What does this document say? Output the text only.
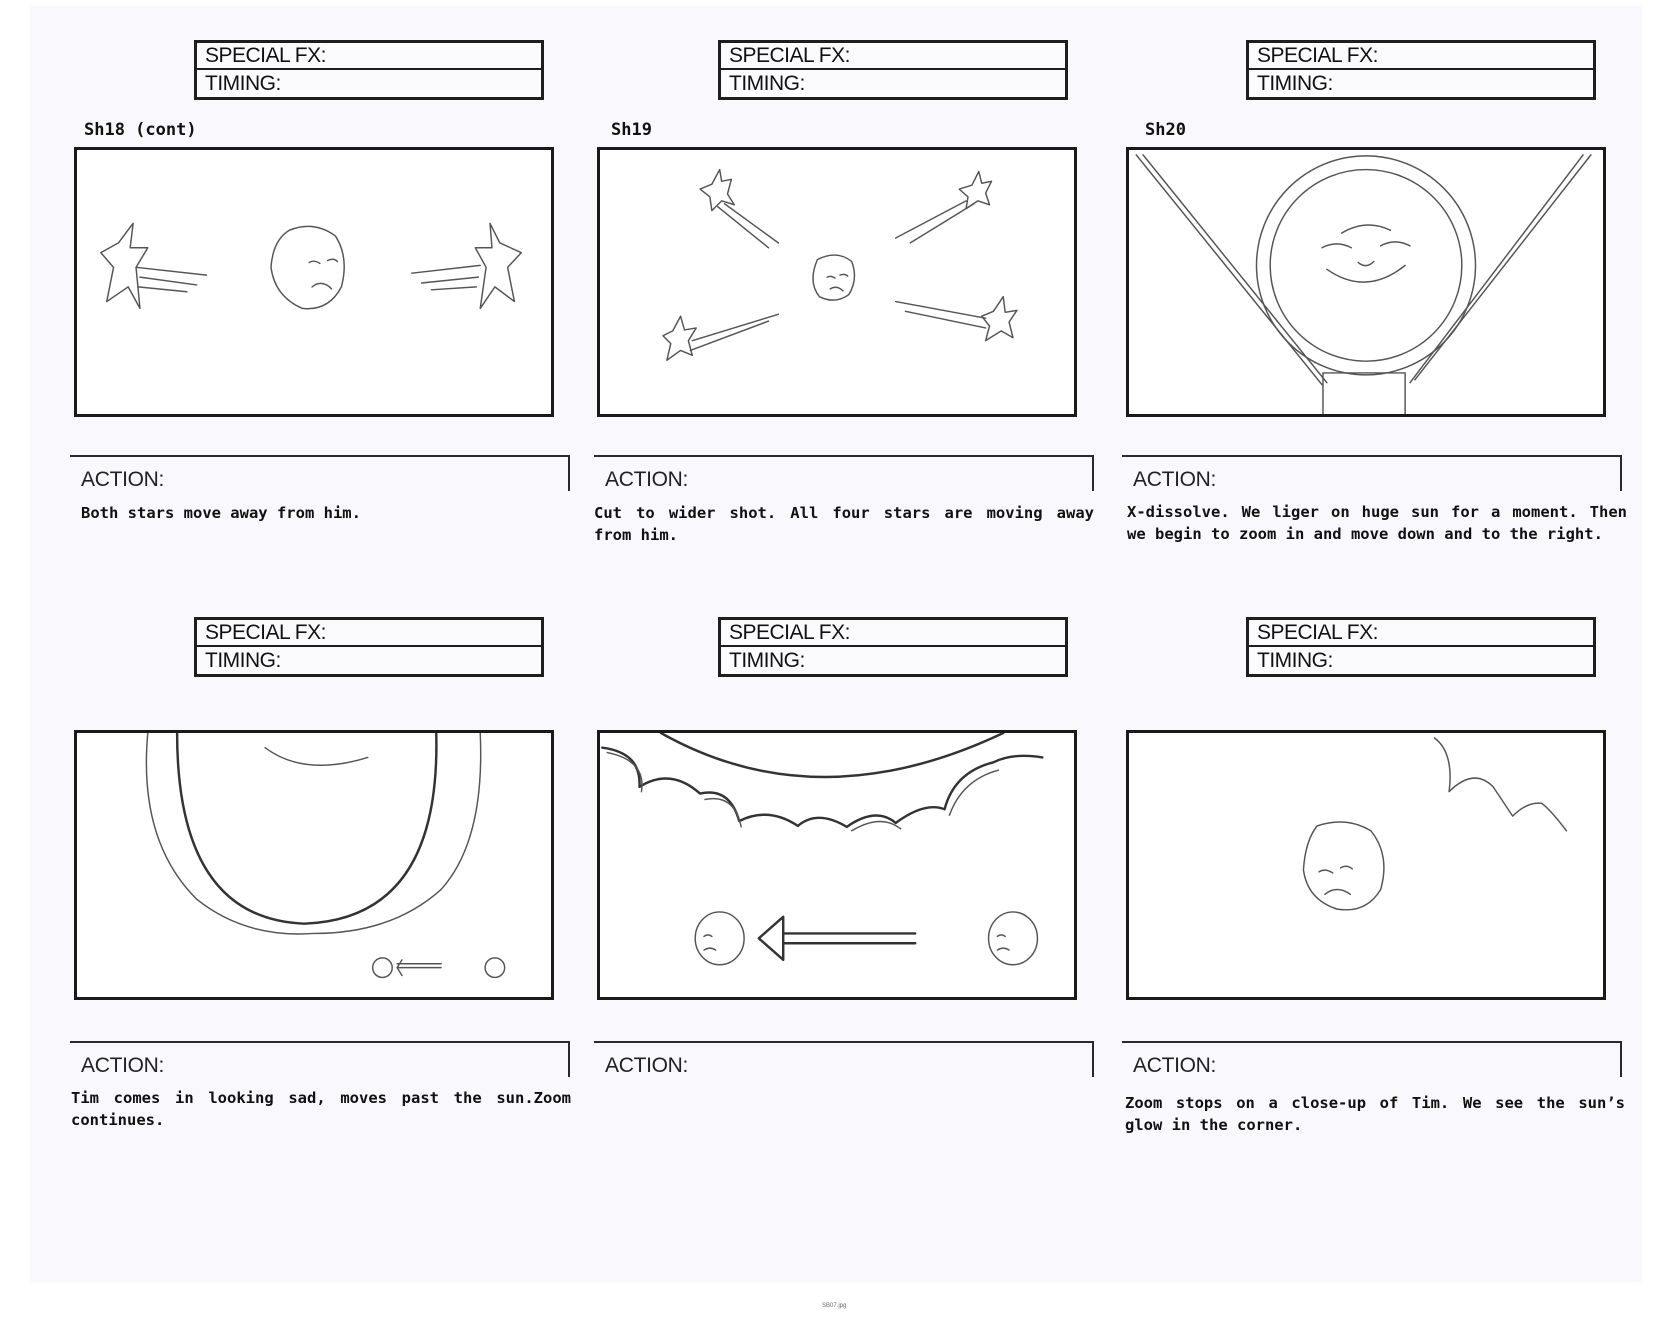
SPECIAL FX:
TIMING:
Sh18 (cont)
ACTION:
Both stars move away from him.
SPECIAL FX:
TIMING:
Sh19
ACTION:
Cut to wider shot. All four stars are moving away from him.
SPECIAL FX:
TIMING:
Sh20
ACTION:
X-dissolve. We liger on huge sun for a moment. Then we begin to zoom in and move down and to the right.
SPECIAL FX:
TIMING:
ACTION:
Tim comes in looking sad, moves past the sun.Zoom continues.
SPECIAL FX:
TIMING:
ACTION:
SPECIAL FX:
TIMING:
ACTION:
Zoom stops on a close-up of Tim. We see the sun’s glow in the corner.
SB07.jpg
